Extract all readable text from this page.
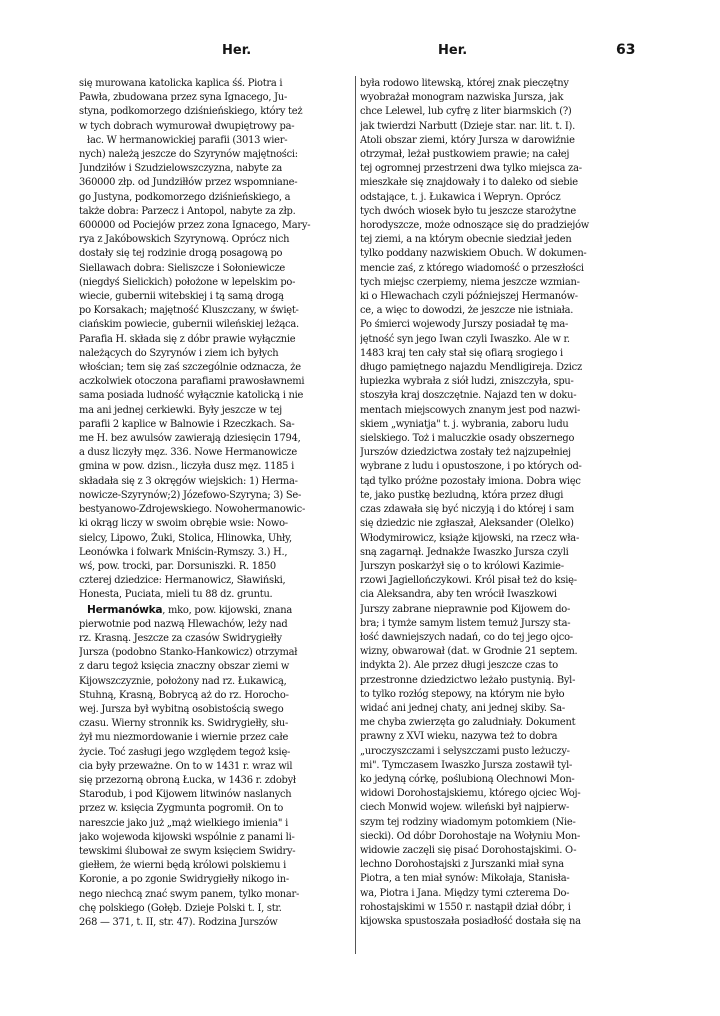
Her.	Her.	63
się murowana katolicka kaplica śś. Piotra i
Pawła, zbudowana przez syna Ignacego, Ju-
styna, podkomorzego dziśnieńskiego, który też
w tych dobrach wymurował dwupiętrowy pa-
łac. W hermanowickiej parafii (3013 wier-
nych) należą jeszcze do Szyrynów majętności:
Jundziłów i Szudzielowszczyzna, nabyte za
360000 złp. od Jundziłłów przez wspomniane-
go Justyna, podkomorzego dziśnieńskiego, a
także dobra: Parzecz i Antopol, nabyte za złp.
600000 od Pociejów przez zona Ignacego, Mary-
rya z Jakóbowskich Szyrynową. Oprócz nich
dostały się tej rodzinie drogą posagową po
Siellawach dobra: Sieliszcze i Sołoniewicze
(niegdyś Sielickich) położone w lepelskim po-
wiecie, gubernii witebskiej i tą samą drogą
po Korsakach; majętność Kluszczany, w święt-
ciańskim powiecie, gubernii wileńskiej leżąca.
Parafia H. składa się z dóbr prawie wyłącznie
należących do Szyrynów i ziem ich byłych
włościan; tem się zaś szczególnie odznacza, że
aczkolwiek otoczona parafiami prawosławnemi
sama posiada ludność wyłącznie katolicką i nie
ma ani jednej cerkiewki. Były jeszcze w tej
parafii 2 kaplice w Balnowie i Rzeczkach. Sa-
me H. bez awulsów zawierają dziesięcin 1794,
a dusz liczyły męz. 336. Nowe Hermanowicze
gmina w pow. dzisn., liczyła dusz męz. 1185 i
składała się z 3 okręgów wiejskich: 1) Herma-
nowicze-Szyrynów;2) Józefowo-Szyryna; 3) Se-
bestyanowo-Zdrojewskiego. Nowohermanowic-
ki okrąg liczy w swoim obrębie wsie: Nowo-
sielcy, Lipowo, Żuki, Stolica, Hlinowka, Uhły,
Leonówka i folwark Mniścin-Rymszy. 3.) H.,
wś, pow. trocki, par. Dorsuniszki. R. 1850
czterej dziedzice: Hermanowicz, Sławiński,
Honesta, Puciata, mieli tu 88 dz. gruntu.
Hermanówka, mko, pow. kijowski, znana
pierwotnie pod nazwą Hlewachów, leży nad
rz. Krasną. Jeszcze za czasów Swidrygiełły
Jursza (podobno Stanko-Hankowicz) otrzymał
z daru tegoż księcia znaczny obszar ziemi w
Kijowszczyznie, położony nad rz. Łukawicą,
Stuhną, Krasną, Bobrycą aż do rz. Horocho-
wej. Jursza był wybitną osobistością swego
czasu. Wierny stronnik ks. Swidrygiełły, słu-
żył mu niezmordowanie i wiernie przez całe
życie. Toć zasługi jego względem tegoż księ-
cia były przeważne. On to w 1431 r. wraz wil
się przezorną obroną Łucka, w 1436 r. zdobył
Starodub, i pod Kijowem litwinów naslanych
przez w. księcia Zygmunta pogromił. On to
nareszcie jako już „mąż wielkiego imienia" i
jako wojewoda kijowski wspólnie z panami li-
tewskimi ślubował ze swym księciem Swidry-
giełłem, że wierni będą królowi polskiemu i
Koronie, a po zgonie Swidrygiełły nikogo in-
nego niechcą znać swym panem, tylko monar-
chę polskiego (Gołęb. Dzieje Polski t. I, str.
268 — 371, t. II, str. 47). Rodzina Jurszów
była rodowo litewską, której znak pieczętny
wyobrażał monogram nazwiska Jursza, jak
chce Lelewel, lub cyfrę z liter biarmskich (?)
jak twierdzi Narbutt (Dzieje star. nar. lit. t. I).
Atoli obszar ziemi, który Jursza w darowiźnie
otrzymał, leżał pustkowiem prawie; na całej
tej ogromnej przestrzeni dwa tylko miejsca za-
mieszkałe się znajdowały i to daleko od siebie
odstające, t. j. Łukawica i Wepryn. Oprócz
tych dwóch wiosek było tu jeszcze starożytne
horodyszcze, może odnoszące się do pradziejów
tej ziemi, a na którym obecnie siedział jeden
tylko poddany nazwiskiem Obuch. W dokumen-
mencie zaś, z którego wiadomość o przeszłości
tych miejsc czerpiemy, niema jeszcze wzmian-
ki o Hlewachach czyli późniejszej Hermanów-
ce, a więc to dowodzi, że jeszcze nie istniała.
Po śmierci wojewody Jurszy posiadał tę ma-
jętność syn jego Iwan czyli Iwaszko. Ale w r.
1483 kraj ten cały stał się ofiarą srogiego i
długo pamiętnego najazdu Mendligireja. Dzicz
łupiezka wybrała z siół ludzi, zniszczyła, spu-
stoszyła kraj doszczętnie. Najazd ten w doku-
mentach miejscowych znanym jest pod nazwi-
skiem „wyniatja" t. j. wybrania, zaboru ludu
sielskiego. Toż i maluczkie osady obszernego
Jurszów dziedzictwa zostały też najzupełniej
wybrane z ludu i opustoszone, i po których od-
tąd tylko próżne pozostały imiona. Dobra więc
te, jako pustkę bezludną, która przez długi
czas zdawała się być niczyją i do której i sam
się dziedzic nie zgłaszał, Aleksander (Olelko)
Włodymirowicz, książe kijowski, na rzecz wła-
sną zagarnął. Jednakże Iwaszko Jursza czyli
Jurszyn poskarżył się o to królowi Kazimie-
rzowi Jagiellończykowi. Król pisał też do księ-
cia Aleksandra, aby ten wrócił Iwaszkowi
Jurszy zabrane nieprawnie pod Kijowem do-
bra; i tymże samym listem temuż Jurszy sta-
łość dawniejszych nadań, co do tej jego ojco-
wizny, obwarował (dat. w Grodnie 21 septem.
indykta 2). Ale przez długi jeszcze czas to
przestronne dziedzictwo leżało pustynią. Byl-
to tylko rozłóg stepowy, na którym nie było
widać ani jednej chaty, ani jednej skiby. Sa-
me chyba zwierzęta go zaludniały. Dokument
prawny z XVI wieku, nazywa też to dobra
„uroczyszczami i selyszczami pusto leżuczy-
mi". Tymczasem Iwaszko Jursza zostawił tyl-
ko jedyną córkę, poślubioną Olechnowi Mon-
widowi Dorohostajskiemu, którego ojciec Woj-
ciech Monwid wojew. wileński był najpierw-
szym tej rodziny wiadomym potomkiem (Nie-
siecki). Od dóbr Dorohostaje na Wołyniu Mon-
widowie zaczęli się pisać Dorohostajskimi. O-
lechno Dorohostajski z Jurszanki miał syna
Piotra, a ten miał synów: Mikołaja, Stanisła-
wa, Piotra i Jana. Między tymi czterema Do-
rohostajskimi w 1550 r. nastąpił dział dóbr, i
kijowska spustoszała posiadłość dostała się na
